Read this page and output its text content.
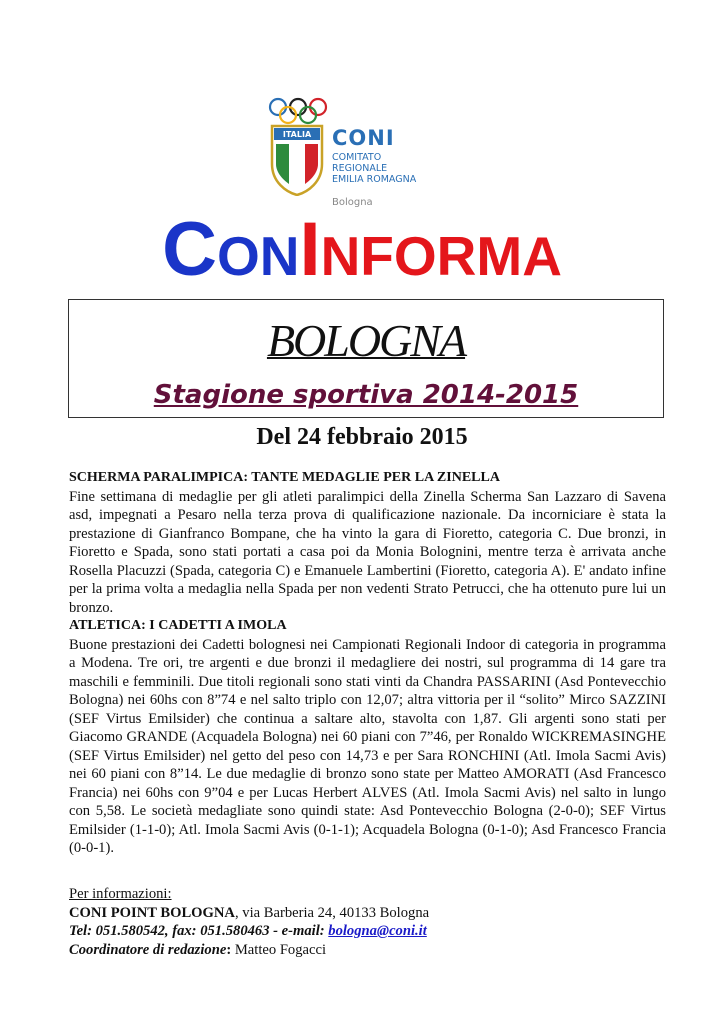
ITALIA CONI
COMITATO
REGIONALE
EMILIA ROMAGNA
Bologna
CONINFORMA
BOLOGNA
Stagione sportiva 2014-2015
Del 24 febbraio 2015
SCHERMA PARALIMPICA: TANTE MEDAGLIE PER LA ZINELLA

Fine settimana di medaglie per gli atleti paralimpici della Zinella Scherma San Lazzaro di Savena asd, impegnati a Pesaro nella terza prova di qualificazione nazionale. Da incorniciare è stata la prestazione di Gianfranco Bompane, che ha vinto la gara di Fioretto, categoria C. Due bronzi, in Fioretto e Spada, sono stati portati a casa poi da Monia Bolognini, mentre terza è arrivata anche Rosella Placuzzi (Spada, categoria C) e Emanuele Lambertini (Fioretto, categoria A). E' andato infine per la prima volta a medaglia nella Spada per non vedenti Strato Petrucci, che ha ottenuto pure lui un bronzo.

ATLETICA: I CADETTI A IMOLA

Buone prestazioni dei Cadetti bolognesi nei Campionati Regionali Indoor di categoria in programma a Modena. Tre ori, tre argenti e due bronzi il medagliere dei nostri, sul programma di 14 gare tra maschili e femminili. Due titoli regionali sono stati vinti da Chandra PASSARINI (Asd Pontevecchio Bologna) nei 60hs con 8”74 e nel salto triplo con 12,07; altra vittoria per il “solito” Mirco SAZZINI (SEF Virtus Emilsider) che continua a saltare alto, stavolta con 1,87. Gli argenti sono stati per Giacomo GRANDE (Acquadela Bologna) nei 60 piani con 7”46, per Ronaldo WICKREMASINGHE (SEF Virtus Emilsider) nel getto del peso con 14,73 e per Sara RONCHINI (Atl. Imola Sacmi Avis) nei 60 piani con 8”14. Le due medaglie di bronzo sono state per Matteo AMORATI (Asd Francesco Francia) nei 60hs con 9”04 e per Lucas Herbert ALVES (Atl. Imola Sacmi Avis) nel salto in lungo con 5,58. Le società medagliate sono quindi state: Asd Pontevecchio Bologna (2-0-0); SEF Virtus Emilsider (1-1-0); Atl. Imola Sacmi Avis (0-1-1); Acquadela Bologna (0-1-0); Asd Francesco Francia (0-0-1).

Per informazioni:
CONI POINT BOLOGNA, via Barberia 24, 40133 Bologna
Tel: 051.580542, fax: 051.580463 - e-mail: bologna@coni.it
Coordinatore di redazione: Matteo Fogacci
